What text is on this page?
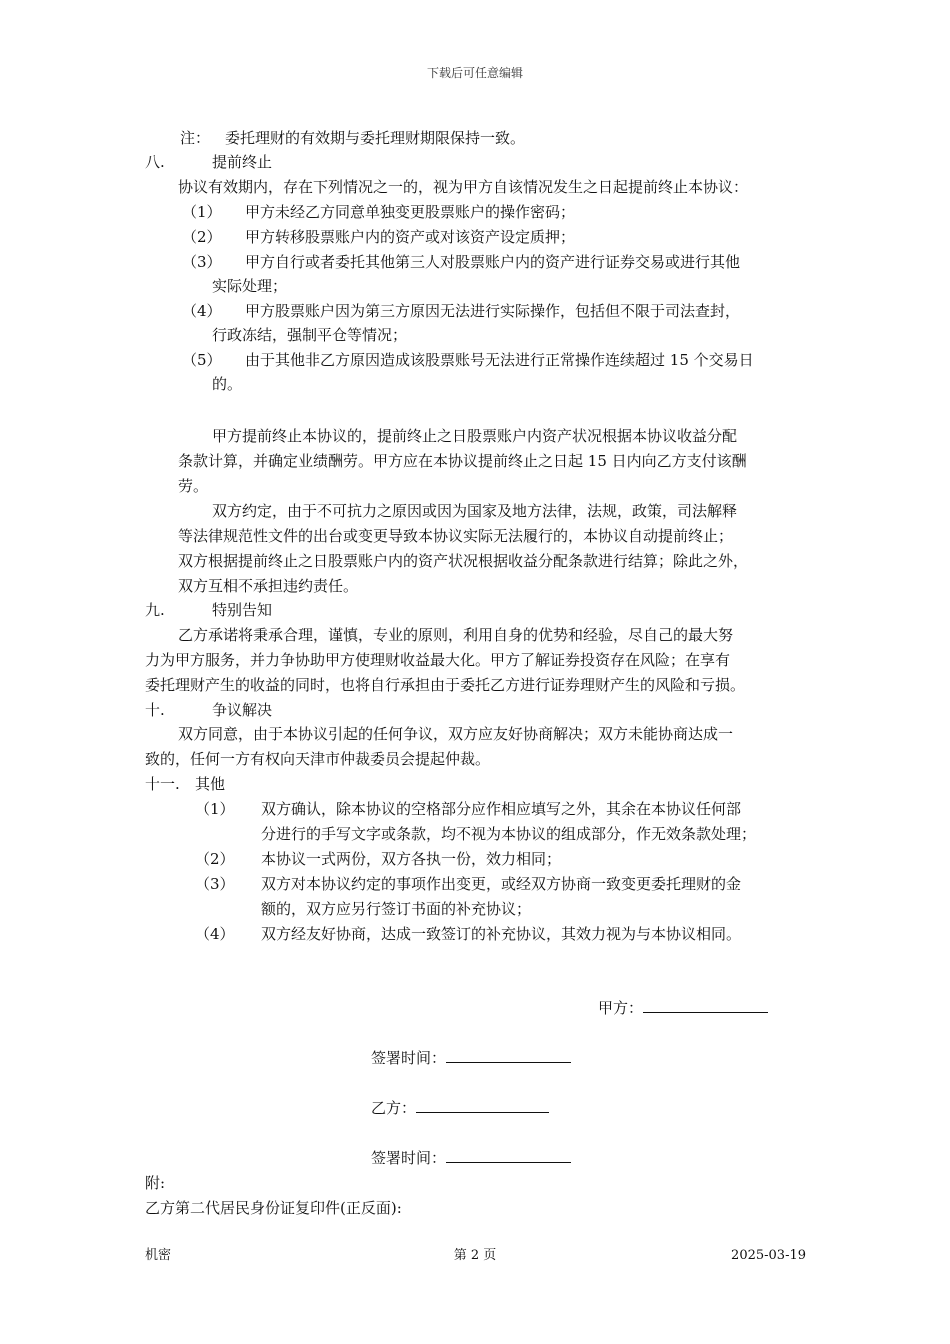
下载后可任意编辑
注： 委托理财的有效期与委托理财期限保持一致。
八.	提前终止
协议有效期内，存在下列情况之一的，视为甲方自该情况发生之日起提前终止本协议：
（1） 甲方未经乙方同意单独变更股票账户的操作密码；
（2） 甲方转移股票账户内的资产或对该资产设定质押；
（3） 甲方自行或者委托其他第三人对股票账户内的资产进行证券交易或进行其他
实际处理；
（4） 甲方股票账户因为第三方原因无法进行实际操作，包括但不限于司法查封，
行政冻结，强制平仓等情况；
（5） 由于其他非乙方原因造成该股票账号无法进行正常操作连续超过 15 个交易日
的。
甲方提前终止本协议的，提前终止之日股票账户内资产状况根据本协议收益分配
条款计算，并确定业绩酬劳。甲方应在本协议提前终止之日起 15 日内向乙方支付该酬
劳。
双方约定，由于不可抗力之原因或因为国家及地方法律，法规，政策，司法解释
等法律规范性文件的出台或变更导致本协议实际无法履行的，本协议自动提前终止；
双方根据提前终止之日股票账户内的资产状况根据收益分配条款进行结算；除此之外，
双方互相不承担违约责任。
九.	特别告知
乙方承诺将秉承合理，谨慎，专业的原则，利用自身的优势和经验，尽自己的最大努
力为甲方服务，并力争协助甲方使理财收益最大化。甲方了解证券投资存在风险；在享有
委托理财产生的收益的同时，也将自行承担由于委托乙方进行证券理财产生的风险和亏损。
十.	争议解决
双方同意，由于本协议引起的任何争议，双方应友好协商解决；双方未能协商达成一
致的，任何一方有权向天津市仲裁委员会提起仲裁。
十一. 其他
（1） 双方确认，除本协议的空格部分应作相应填写之外，其余在本协议任何部
分进行的手写文字或条款，均不视为本协议的组成部分，作无效条款处理；
（2） 本协议一式两份，双方各执一份，效力相同；
（3） 双方对本协议约定的事项作出变更，或经双方协商一致变更委托理财的金
额的，双方应另行签订书面的补充协议；
（4） 双方经友好协商，达成一致签订的补充协议，其效力视为与本协议相同。
甲方：
签署时间：
乙方：
签署时间：
附:
乙方第二代居民身份证复印件(正反面):
机密	第 2 页	2025-03-19
